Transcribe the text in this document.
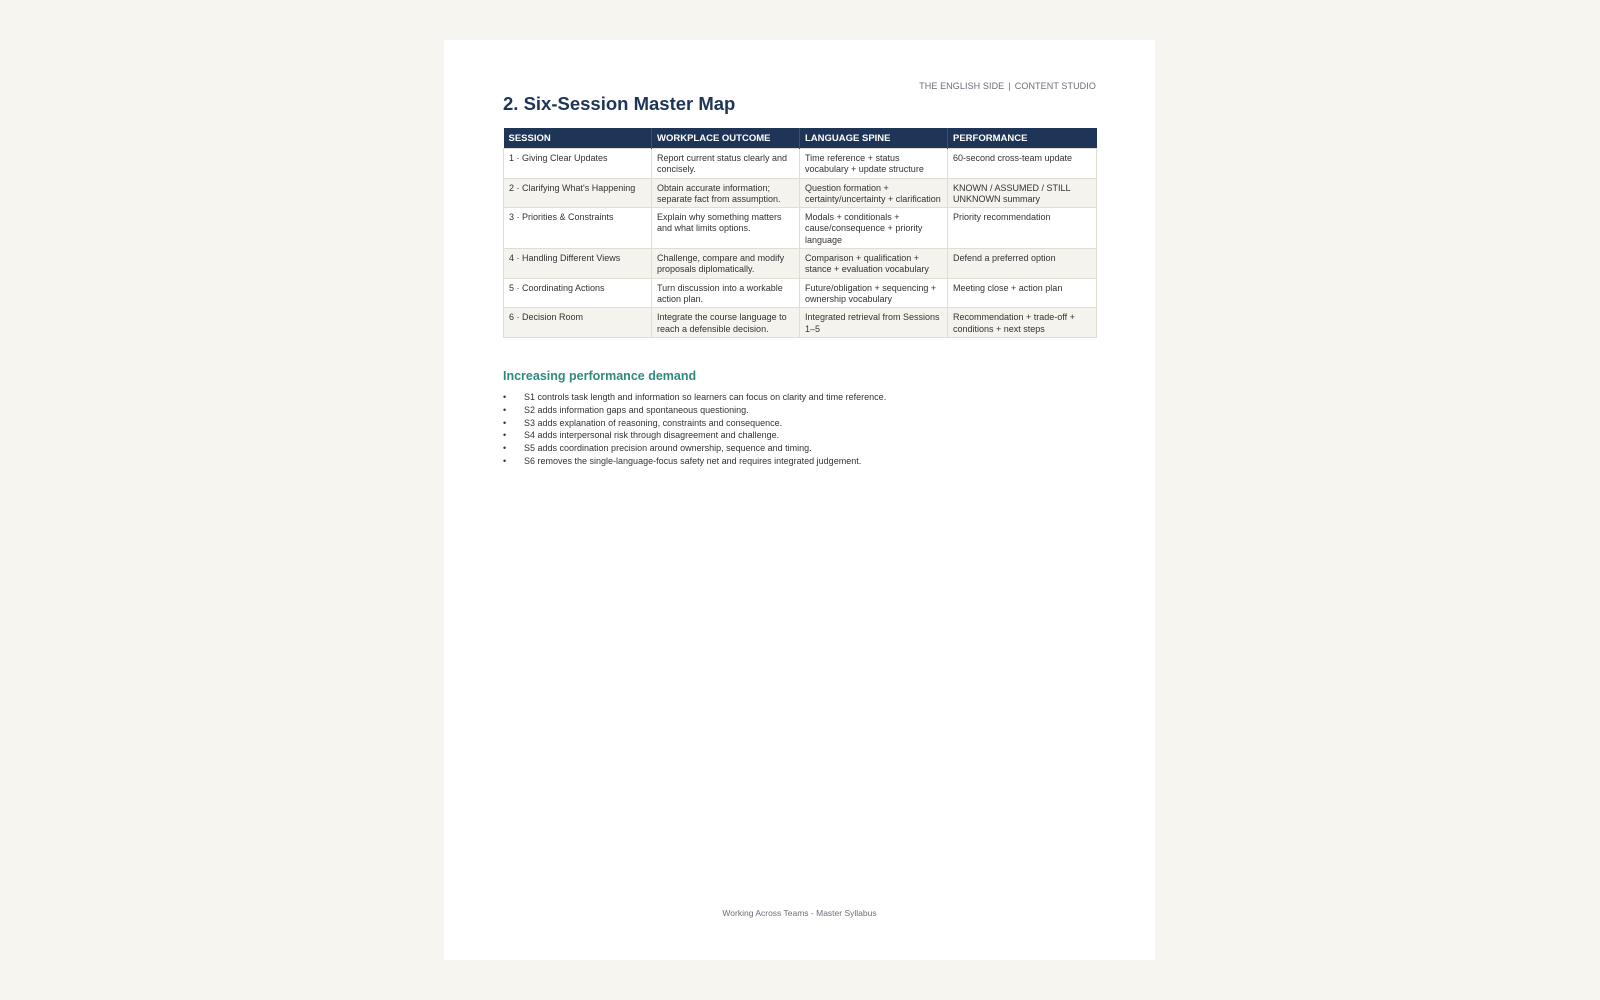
THE ENGLISH SIDE | CONTENT STUDIO
2. Six-Session Master Map
SESSION	WORKPLACE OUTCOME	LANGUAGE SPINE	PERFORMANCE
1 · Giving Clear Updates	Report current status clearly and concisely.	Time reference + status vocabulary + update structure	60-second cross-team update
2 · Clarifying What's Happening	Obtain accurate information; separate fact from assumption.	Question formation + certainty/uncertainty + clarification	KNOWN / ASSUMED / STILL UNKNOWN summary
3 · Priorities & Constraints	Explain why something matters and what limits options.	Modals + conditionals + cause/consequence + priority language	Priority recommendation
4 · Handling Different Views	Challenge, compare and modify proposals diplomatically.	Comparison + qualification + stance + evaluation vocabulary	Defend a preferred option
5 · Coordinating Actions	Turn discussion into a workable action plan.	Future/obligation + sequencing + ownership vocabulary	Meeting close + action plan
6 · Decision Room	Integrate the course language to reach a defensible decision.	Integrated retrieval from Sessions 1–5	Recommendation + trade-off + conditions + next steps
Increasing performance demand
• S1 controls task length and information so learners can focus on clarity and time reference.
• S2 adds information gaps and spontaneous questioning.
• S3 adds explanation of reasoning, constraints and consequence.
• S4 adds interpersonal risk through disagreement and challenge.
• S5 adds coordination precision around ownership, sequence and timing.
• S6 removes the single-language-focus safety net and requires integrated judgement.
Working Across Teams - Master Syllabus
